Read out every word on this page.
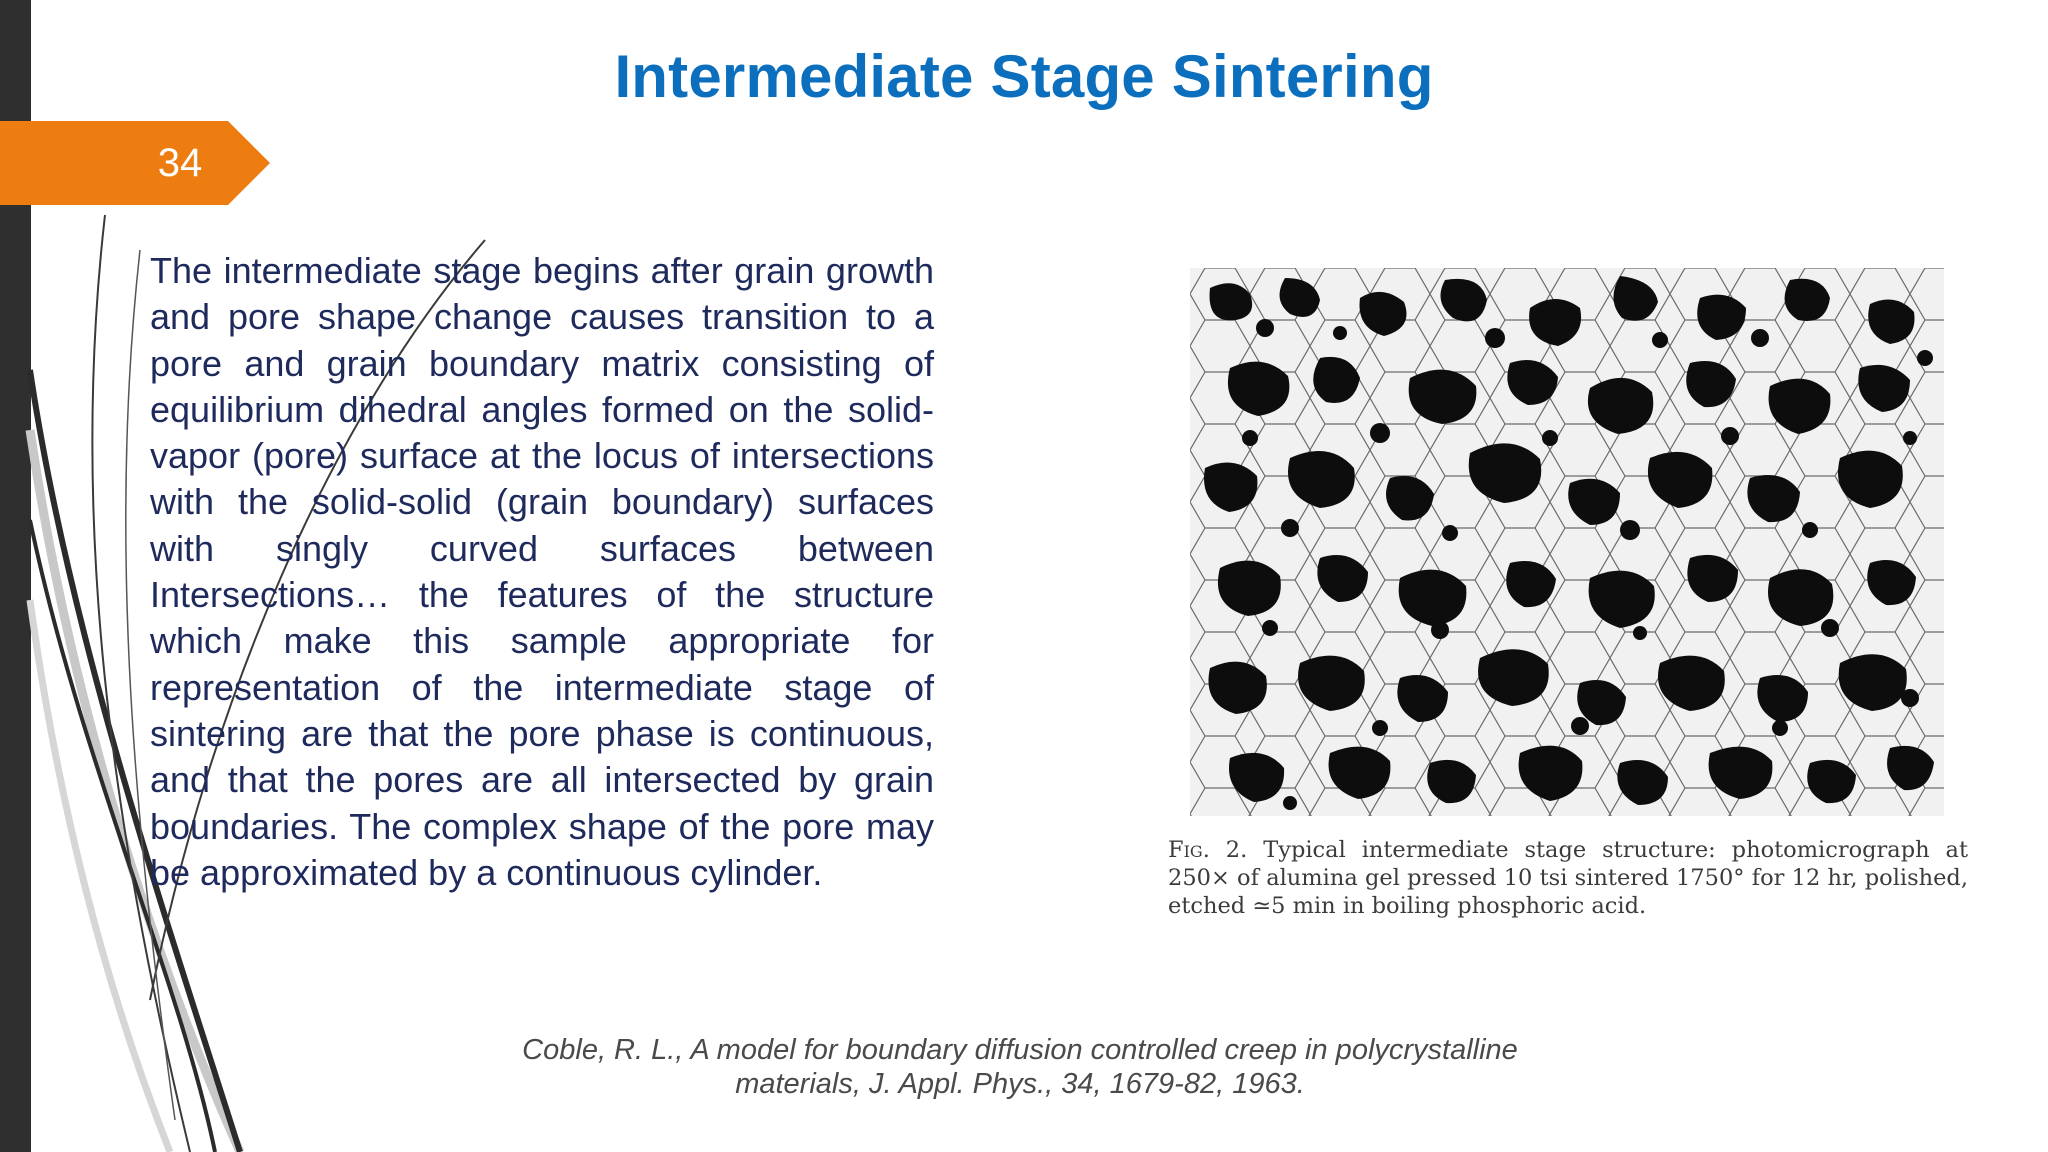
Intermediate Stage Sintering
34

The intermediate stage begins after grain growth and pore shape change causes transition to a pore and grain boundary matrix consisting of equilibrium dihedral angles formed on the solid-vapor (pore) surface at the locus of intersections with the solid-solid (grain boundary) surfaces with singly curved surfaces between Intersections… the features of the structure which make this sample appropriate for representation of the intermediate stage of sintering are that the pore phase is continuous, and that the pores are all intersected by grain boundaries. The complex shape of the pore may be approximated by a continuous cylinder.

Fig. 2. Typical intermediate stage structure: photomicrograph at 250× of alumina gel pressed 10 tsi sintered 1750° for 12 hr, polished, etched ≃5 min in boiling phosphoric acid.

Coble, R. L., A model for boundary diffusion controlled creep in polycrystalline
materials, J. Appl. Phys., 34, 1679-82, 1963.
